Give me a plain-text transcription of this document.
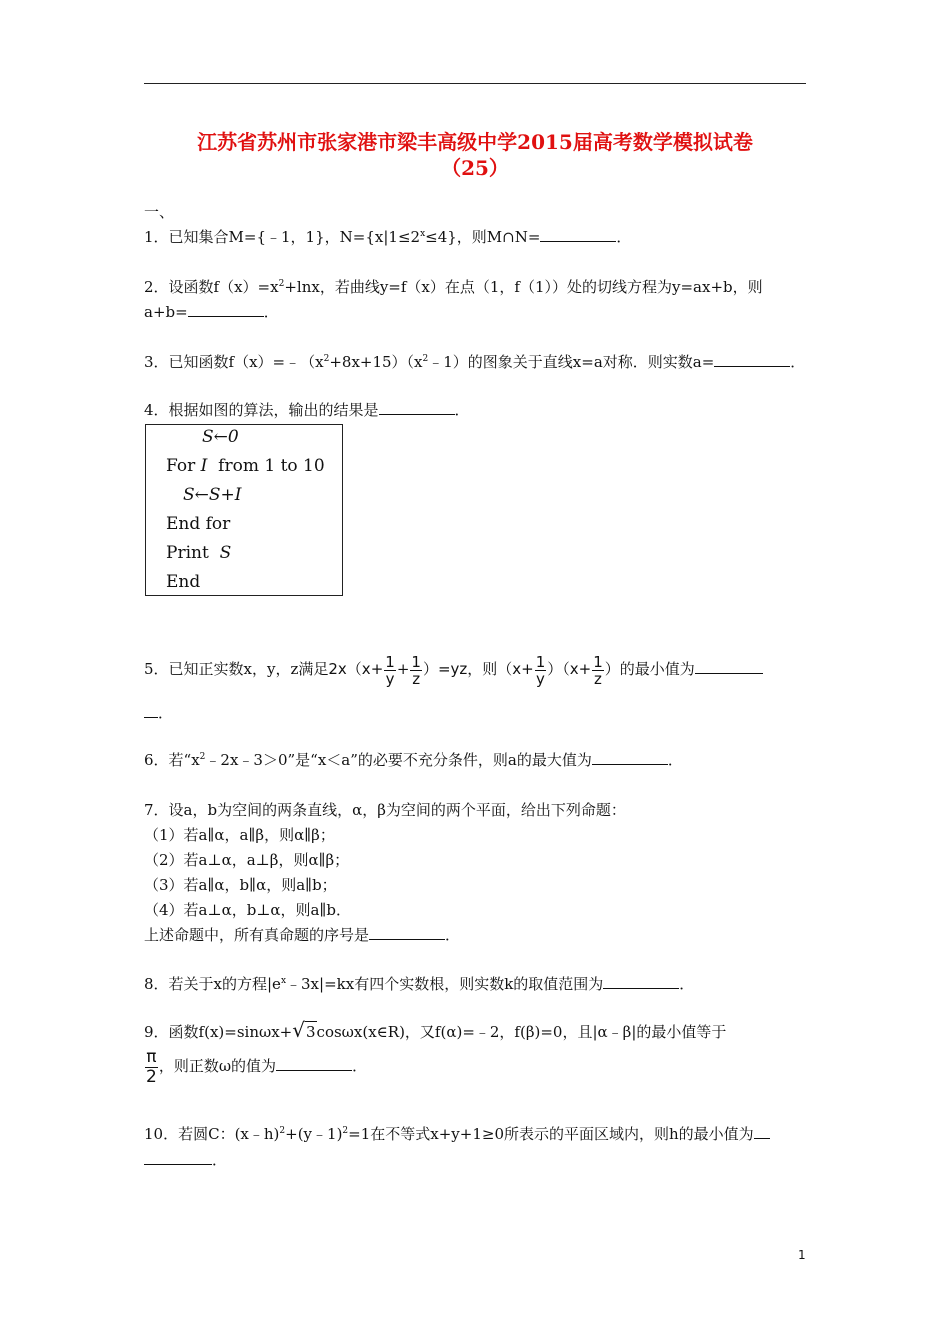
江苏省苏州市张家港市梁丰高级中学2015届高考数学模拟试卷
（25）
一、
1．已知集合M={﹣1，1}，$N=\{x|1\le 2^x\le 4\}$，则M∩N=	．
2．设函数$f(x)=x^2+\ln x$，若曲线y=f（x）在点（1，f（1））处的切线方程为y=ax+b，则
a+b=	．
3．已知函数$f(x)=﹣(x^2+8x+15)(x^2﹣1)$的图象关于直线x=a对称．则实数a=	．
4．根据如图的算法，输出的结果是	．
S←0
For I from 1 to 10
S←S+I
End for
Print S
End
5．已知正实数x，y，z满足$2x(x+ \frac{1}{y} + \frac{1}{z} )=yz$，则$(x+ \frac{1}{y} )(x+ \frac{1}{z}$ ）的最小值为
．
6．若“$x^2﹣2x﹣3>0$”是“x＜a”的必要不充分条件，则a的最大值为	．
7．设a，b为空间的两条直线，α，β为空间的两个平面，给出下列命题：
（1）若a∥α，a∥β，则α∥β；
（2）若a⊥α，a⊥β，则α∥β；
（3）若a∥α，b∥α，则a∥b；
（4）若a⊥α，b⊥α，则a∥b．
上述命题中，所有真命题的序号是	．
8．若关于x的方程$|e^x﹣3x|=kx$有四个实数根，则实数k的取值范围为	．
9．函数f(x)=sinωx+√3cosωx(x∈R)，又f(α)=﹣2，f(β)=0，且|α﹣β|的最小值等于
$\frac{\pi}{2}$ ，则正数ω的值为	．
10．若圆C：(x﹣h)$^2$+(y﹣1)$^2$=1在不等式x+y+1≥0所表示的平面区域内，则h的最小值为
．
1
